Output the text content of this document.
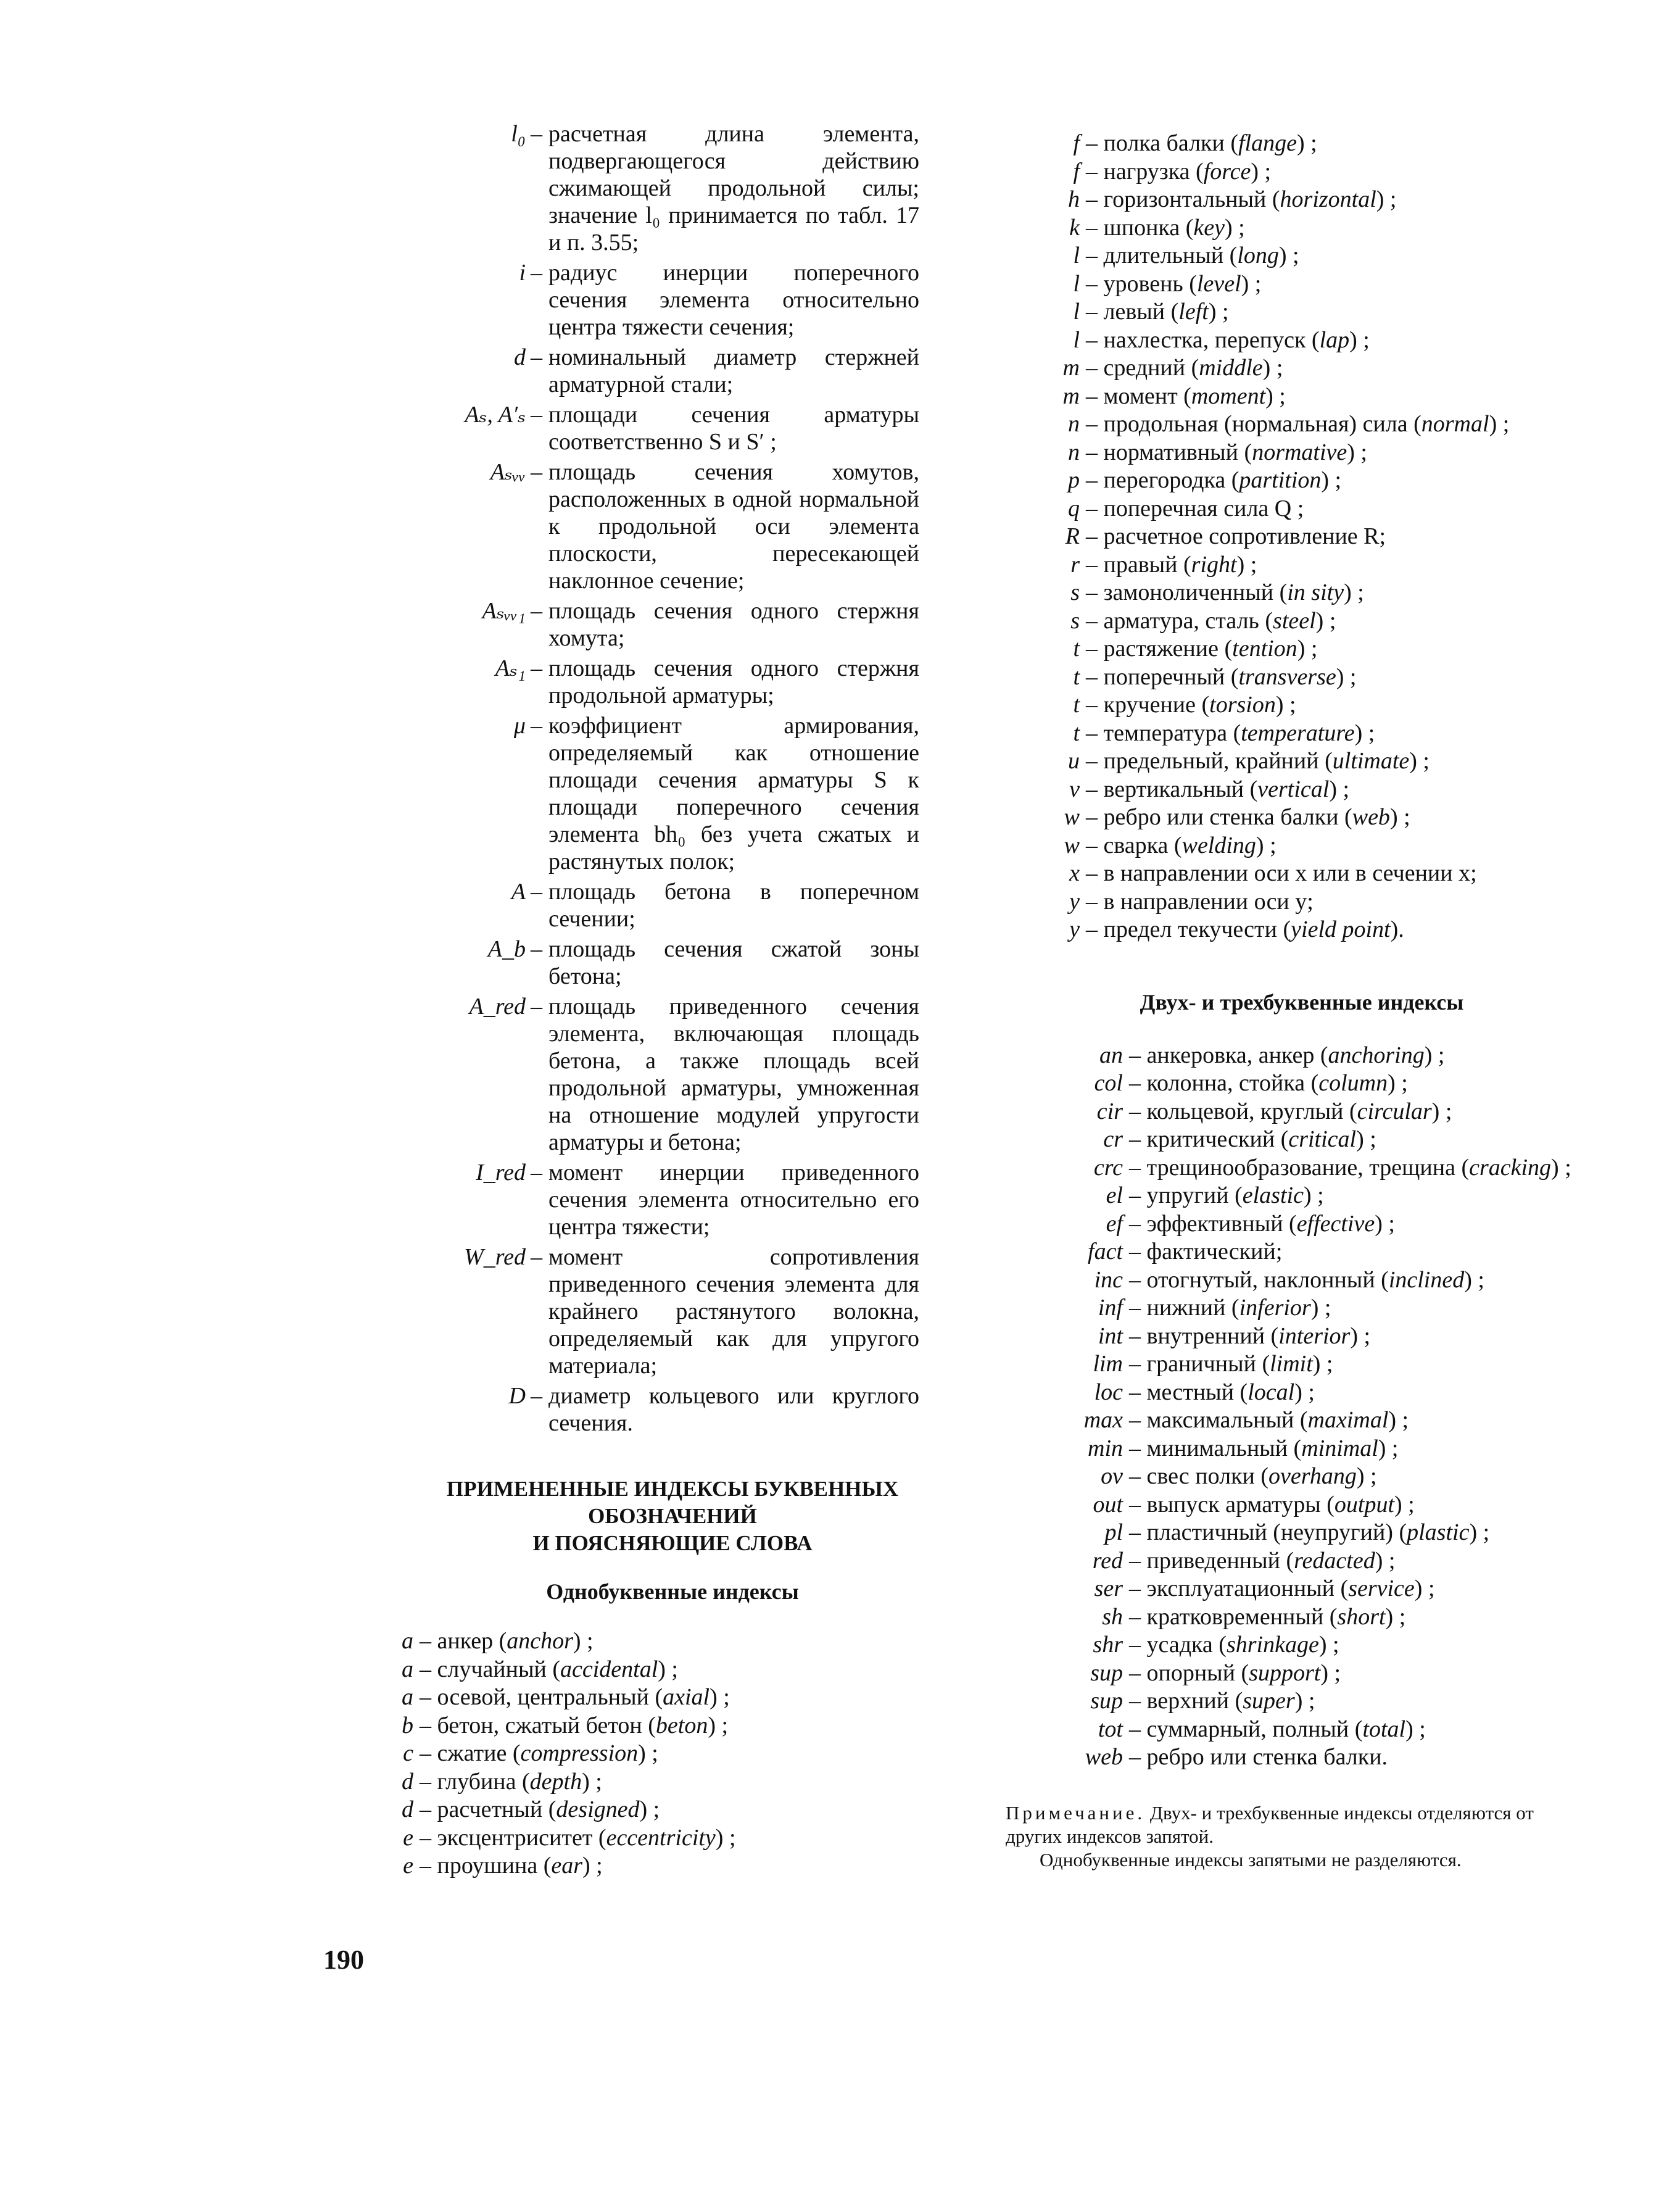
l₀ – расчетная длина элемента, подвергающегося действию сжимающей продольной силы; значение l₀ принимается по табл. 17 и п. 3.55;
i – радиус инерции поперечного сечения элемента относительно центра тяжести сечения;
d – номинальный диаметр стержней арматурной стали;
Aₛ, A′ₛ – площади сечения арматуры соответственно S и S′ ;
Aₛᵥᵥ – площадь сечения хомутов, расположенных в одной нормальной к продольной оси элемента плоскости, пересекающей наклонное сечение;
Aₛᵥᵥ₁ – площадь сечения одного стержня хомута;
Aₛ₁ – площадь сечения одного стержня продольной арматуры;
μ – коэффициент армирования, определяемый как отношение площади сечения арматуры S к площади поперечного сечения элемента bh₀ без учета сжатых и растянутых полок;
A – площадь бетона в поперечном сечении;
A_b – площадь сечения сжатой зоны бетона;
A_red – площадь приведенного сечения элемента, включающая площадь бетона, а также площадь всей продольной арматуры, умноженная на отношение модулей упругости арматуры и бетона;
I_red – момент инерции приведенного сечения элемента относительно его центра тяжести;
W_red – момент сопротивления приведенного сечения элемента для крайнего растянутого волокна, определяемый как для упругого материала;
D – диаметр кольцевого или круглого сечения.
ПРИМЕНЕННЫЕ ИНДЕКСЫ БУКВЕННЫХ ОБОЗНАЧЕНИЙ
И ПОЯСНЯЮЩИЕ СЛОВА
Однобуквенные индексы
a – анкер ( anchor ) ;
a – случайный ( accidental ) ;
a – осевой, центральный ( axial ) ;
b – бетон, сжатый бетон ( beton ) ;
c – сжатие ( compression ) ;
d – глубина ( depth ) ;
d – расчетный ( designed ) ;
e – эксцентриситет ( eccentricity ) ;
e – проушина ( ear ) ;
f – полка балки ( flange ) ;
f – нагрузка ( force ) ;
h – горизонтальный ( horizontal ) ;
k – шпонка ( key ) ;
l – длительный ( long ) ;
l – уровень ( level ) ;
l – левый ( left ) ;
l – нахлестка, перепуск ( lap ) ;
m – средний ( middle ) ;
m – момент ( moment ) ;
n – продольная (нормальная) сила ( normal ) ;
n – нормативный ( normative ) ;
p – перегородка ( partition ) ;
q – поперечная сила Q ;
R – расчетное сопротивление R;
r – правый ( right ) ;
s – замоноличенный ( in sity ) ;
s – арматура, сталь ( steel ) ;
t – растяжение ( tention ) ;
t – поперечный ( transverse ) ;
t – кручение ( torsion ) ;
t – температура ( temperature ) ;
u – предельный, крайний ( ultimate ) ;
v – вертикальный ( vertical ) ;
w – ребро или стенка балки ( web ) ;
w – сварка ( welding ) ;
x – в направлении оси x или в сечении x;
y – в направлении оси y;
y – предел текучести ( yield point ).
Двух- и трехбуквенные индексы
an – анкеровка, анкер ( anchoring ) ;
col – колонна, стойка ( column ) ;
cir – кольцевой, круглый ( circular ) ;
cr – критический ( critical ) ;
crc – трещинообразование, трещина ( cracking ) ;
el – упругий ( elastic ) ;
ef – эффективный ( effective ) ;
fact – фактический;
inc – отогнутый, наклонный ( inclined ) ;
inf – нижний ( inferior ) ;
int – внутренний ( interior ) ;
lim – граничный ( limit ) ;
loc – местный ( local ) ;
max – максимальный ( maximal ) ;
min – минимальный ( minimal ) ;
ov – свес полки ( overhang ) ;
out – выпуск арматуры ( output ) ;
pl – пластичный (неупругий) ( plastic ) ;
red – приведенный ( redacted ) ;
ser – эксплуатационный ( service ) ;
sh – кратковременный ( short ) ;
shr – усадка ( shrinkage ) ;
sup – опорный ( support ) ;
sup – верхний ( super ) ;
tot – суммарный, полный ( total ) ;
web – ребро или стенка балки.
Примечание. Двух- и трехбуквенные индексы отделяются от других индексов запятой.
Однобуквенные индексы запятыми не разделяются.
190
